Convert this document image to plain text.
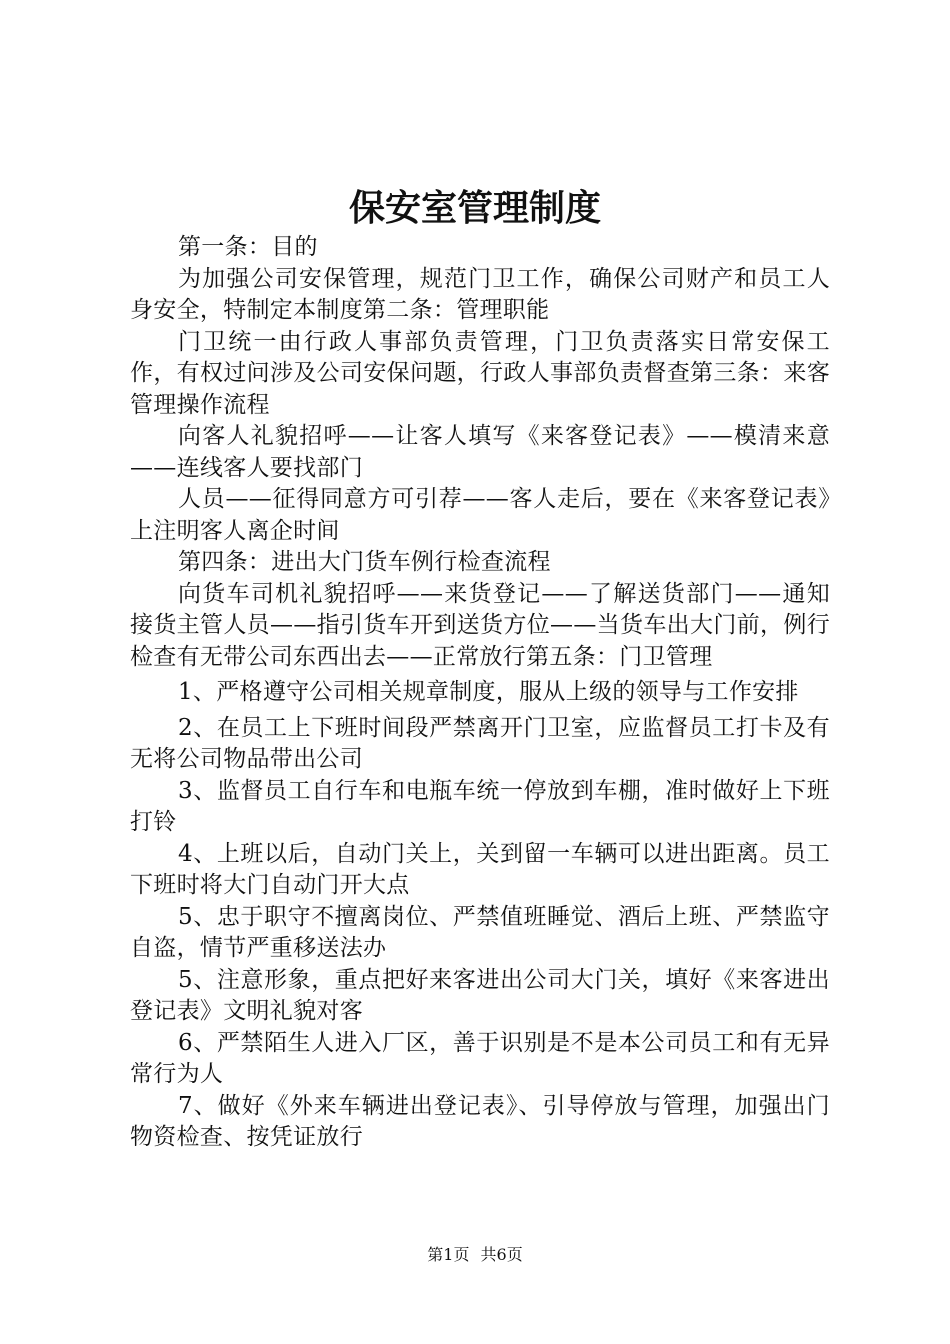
保安室管理制度

第一条：目的

为加强公司安保管理，规范门卫工作，确保公司财产和员工人身安全，特制定本制度第二条：管理职能

门卫统一由行政人事部负责管理，门卫负责落实日常安保工作，有权过问涉及公司安保问题，行政人事部负责督查第三条：来客管理操作流程

向客人礼貌招呼——让客人填写《来客登记表》——模清来意——连线客人要找部门

人员——征得同意方可引荐——客人走后，要在《来客登记表》上注明客人离企时间

第四条：进出大门货车例行检查流程

向货车司机礼貌招呼——来货登记——了解送货部门——通知接货主管人员——指引货车开到送货方位——当货车出大门前，例行检查有无带公司东西出去——正常放行第五条：门卫管理

1、严格遵守公司相关规章制度，服从上级的领导与工作安排

2、在员工上下班时间段严禁离开门卫室，应监督员工打卡及有无将公司物品带出公司

3、监督员工自行车和电瓶车统一停放到车棚，准时做好上下班打铃

4、上班以后，自动门关上，关到留一车辆可以进出距离。员工下班时将大门自动门开大点

5、忠于职守不擅离岗位、严禁值班睡觉、酒后上班、严禁监守自盗，情节严重移送法办

5、注意形象，重点把好来客进出公司大门关，填好《来客进出登记表》文明礼貌对客

6、严禁陌生人进入厂区，善于识别是不是本公司员工和有无异常行为人

7、做好《外来车辆进出登记表》、引导停放与管理，加强出门物资检查、按凭证放行

第1页 共6页
